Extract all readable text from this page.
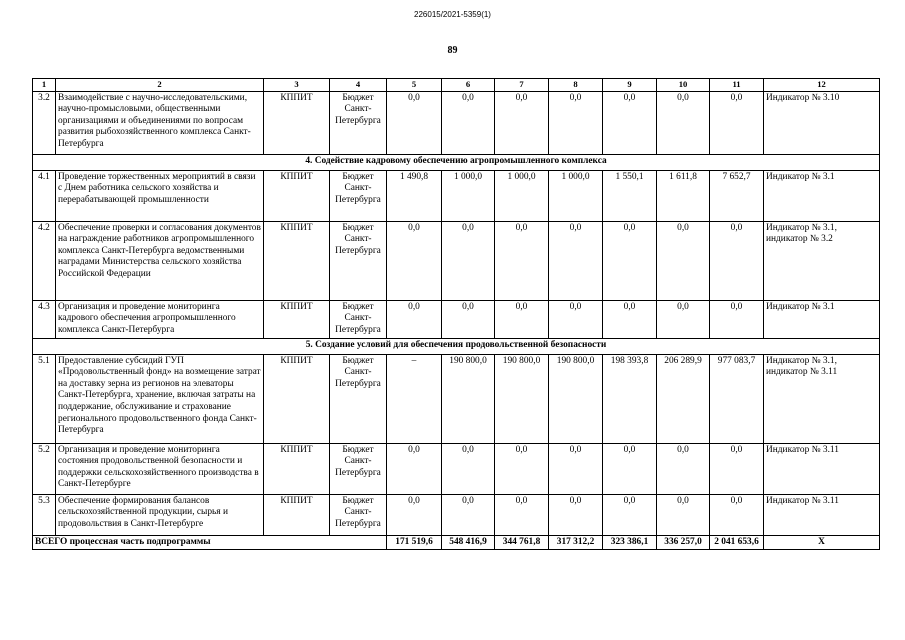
226015/2021-5359(1)
89
1	2	3	4	5	6	7	8	9	10	11	12
3.2	Взаимодействие с научно-исследовательскими, научно-промысловыми, общественными организациями и объединениями по вопросам развития рыбохозяйственного комплекса Санкт-Петербурга	КППИТ	Бюджет Санкт-Петербурга	0,0	0,0	0,0	0,0	0,0	0,0	0,0	Индикатор № 3.10
4. Содействие кадровому обеспечению агропромышленного комплекса											
4.1	Проведение торжественных мероприятий в связи с Днем работника сельского хозяйства и перерабатывающей промышленности	КППИТ	Бюджет Санкт-Петербурга	1 490,8	1 000,0	1 000,0	1 000,0	1 550,1	1 611,8	7 652,7	Индикатор № 3.1
4.2	Обеспечение проверки и согласования документов на награждение работников агропромышленного комплекса Санкт-Петербурга ведомственными наградами Министерства сельского хозяйства Российской Федерации	КППИТ	Бюджет Санкт-Петербурга	0,0	0,0	0,0	0,0	0,0	0,0	0,0	Индикатор № 3.1, индикатор № 3.2
4.3	Организация и проведение мониторинга кадрового обеспечения агропромышленного комплекса Санкт-Петербурга	КППИТ	Бюджет Санкт-Петербурга	0,0	0,0	0,0	0,0	0,0	0,0	0,0	Индикатор № 3.1
5. Создание условий для обеспечения продовольственной безопасности											
5.1	Предоставление субсидий ГУП «Продовольственный фонд» на возмещение затрат на доставку зерна из регионов на элеваторы Санкт-Петербурга, хранение, включая затраты на поддержание, обслуживание и страхование регионального продовольственного фонда Санкт-Петербурга	КППИТ	Бюджет Санкт-Петербурга	–	190 800,0	190 800,0	190 800,0	198 393,8	206 289,9	977 083,7	Индикатор № 3.1, индикатор № 3.11
5.2	Организация и проведение мониторинга состояния продовольственной безопасности и поддержки сельскохозяйственного производства в Санкт-Петербурге	КППИТ	Бюджет Санкт-Петербурга	0,0	0,0	0,0	0,0	0,0	0,0	0,0	Индикатор № 3.11
5.3	Обеспечение формирования балансов сельскохозяйственной продукции, сырья и продовольствия в Санкт-Петербурге	КППИТ	Бюджет Санкт-Петербурга	0,0	0,0	0,0	0,0	0,0	0,0	0,0	Индикатор № 3.11
ВСЕГО процессная часть подпрограммы				171 519,6	548 416,9	344 761,8	317 312,2	323 386,1	336 257,0	2 041 653,6	X
